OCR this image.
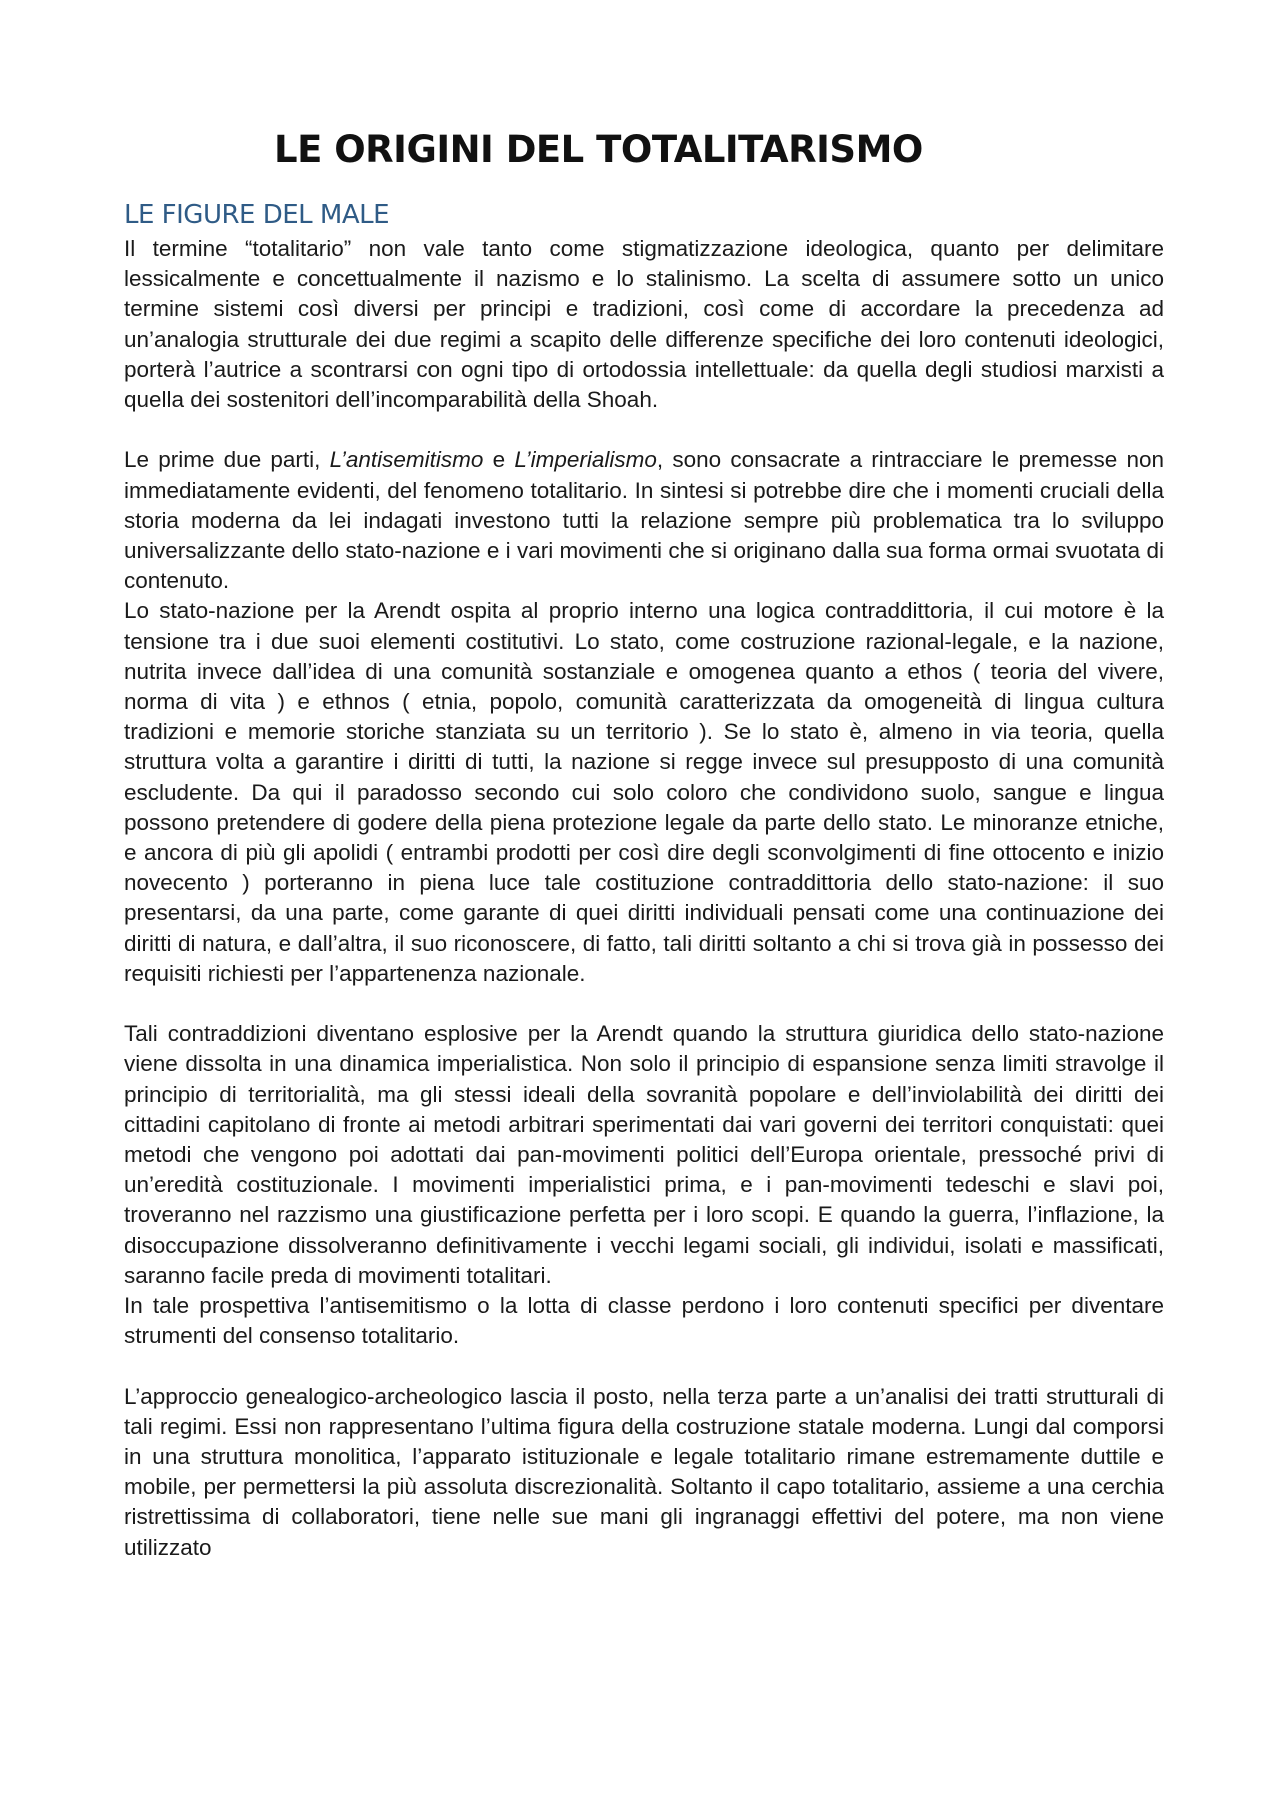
LE ORIGINI DEL TOTALITARISMO
LE FIGURE DEL MALE

Il termine “totalitario” non vale tanto come stigmatizzazione ideologica, quanto per delimitare lessicalmente e concettualmente il nazismo e lo stalinismo. La scelta di assumere sotto un unico termine sistemi così diversi per principi e tradizioni, così come di accordare la precedenza ad un’analogia strutturale dei due regimi a scapito delle differenze specifiche dei loro contenuti ideologici, porterà l’autrice a scontrarsi con ogni tipo di ortodossia intellettuale: da quella degli studiosi marxisti a quella dei sostenitori dell’incomparabilità della Shoah.

Le prime due parti, L’antisemitismo e L’imperialismo, sono consacrate a rintracciare le premesse non immediatamente evidenti, del fenomeno totalitario. In sintesi si potrebbe dire che i momenti cruciali della storia moderna da lei indagati investono tutti la relazione sempre più problematica tra lo sviluppo universalizzante dello stato-nazione e i vari movimenti che si originano dalla sua forma ormai svuotata di contenuto.

Lo stato-nazione per la Arendt ospita al proprio interno una logica contraddittoria, il cui motore è la tensione tra i due suoi elementi costitutivi. Lo stato, come costruzione razional-legale, e la nazione, nutrita invece dall’idea di una comunità sostanziale e omogenea quanto a ethos ( teoria del vivere, norma di vita ) e ethnos ( etnia, popolo, comunità caratterizzata da omogeneità di lingua cultura tradizioni e memorie storiche stanziata su un territorio ). Se lo stato è, almeno in via teoria, quella struttura volta a garantire i diritti di tutti, la nazione si regge invece sul presupposto di una comunità escludente. Da qui il paradosso secondo cui solo coloro che condividono suolo, sangue e lingua possono pretendere di godere della piena protezione legale da parte dello stato. Le minoranze etniche, e ancora di più gli apolidi ( entrambi prodotti per così dire degli sconvolgimenti di fine ottocento e inizio novecento ) porteranno in piena luce tale costituzione contraddittoria dello stato-nazione: il suo presentarsi, da una parte, come garante di quei diritti individuali pensati come una continuazione dei diritti di natura, e dall’altra, il suo riconoscere, di fatto, tali diritti soltanto a chi si trova già in possesso dei requisiti richiesti per l’appartenenza nazionale.

Tali contraddizioni diventano esplosive per la Arendt quando la struttura giuridica dello stato-nazione viene dissolta in una dinamica imperialistica. Non solo il principio di espansione senza limiti stravolge il principio di territorialità, ma gli stessi ideali della sovranità popolare e dell’inviolabilità dei diritti dei cittadini capitolano di fronte ai metodi arbitrari sperimentati dai vari governi dei territori conquistati: quei metodi che vengono poi adottati dai pan-movimenti politici dell’Europa orientale, pressoché privi di un’eredità costituzionale. I movimenti imperialistici prima, e i pan-movimenti tedeschi e slavi poi, troveranno nel razzismo una giustificazione perfetta per i loro scopi. E quando la guerra, l’inflazione, la disoccupazione dissolveranno definitivamente i vecchi legami sociali, gli individui, isolati e massificati, saranno facile preda di movimenti totalitari.

In tale prospettiva l’antisemitismo o la lotta di classe perdono i loro contenuti specifici per diventare strumenti del consenso totalitario.

L’approccio genealogico-archeologico lascia il posto, nella terza parte a un’analisi dei tratti strutturali di tali regimi. Essi non rappresentano l’ultima figura della costruzione statale moderna. Lungi dal comporsi in una struttura monolitica, l’apparato istituzionale e legale totalitario rimane estremamente duttile e mobile, per permettersi la più assoluta discrezionalità. Soltanto il capo totalitario, assieme a una cerchia ristrettissima di collaboratori, tiene nelle sue mani gli ingranaggi effettivi del potere, ma non viene utilizzato
